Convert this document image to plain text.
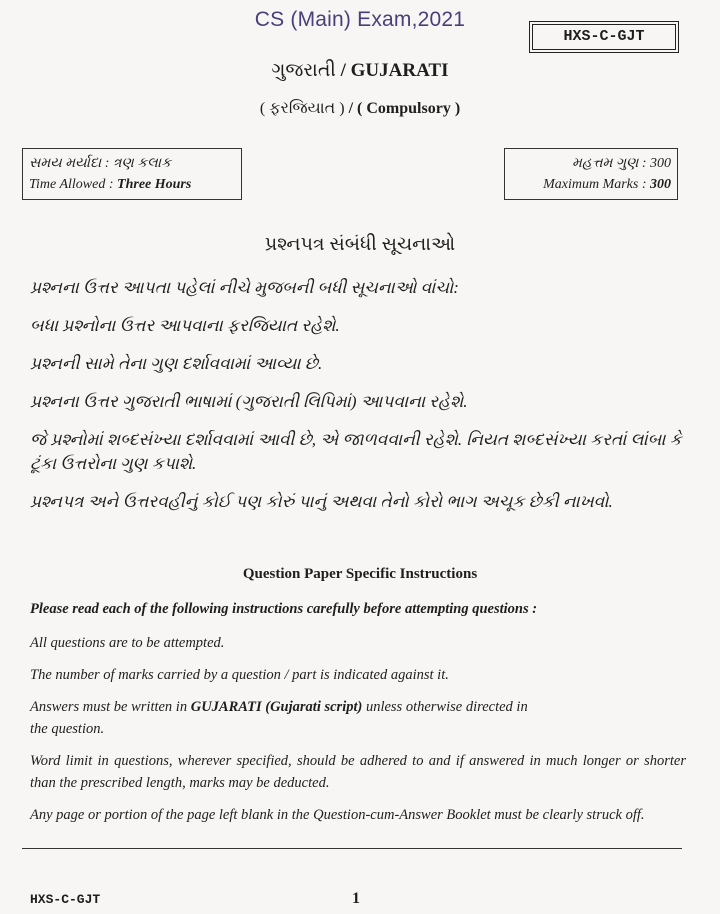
CS (Main) Exam,2021
HXS-C-GJT
ગુજરાતી / GUJARATI
( ફરજિયાત ) / ( Compulsory )
સમય મર્યાદા : ત્રણ કલાક
Time Allowed : Three Hours
મહત્તમ ગુણ : 300
Maximum Marks : 300
પ્રશ્નપત્ર સંબંધી સૂચનાઓ
પ્રશ્નના ઉત્તર આપતા પહેલાં નીચે મુજબની બધી સૂચનાઓ વાંચો:
બધા પ્રશ્નોના ઉત્તર આપવાના ફરજિયાત રહેશે.
પ્રશ્નની સામે તેના ગુણ દર્શાવવામાં આવ્યા છે.
પ્રશ્નના ઉત્તર ગુજરાતી ભાષામાં (ગુજરાતી લિપિમાં) આપવાના રહેશે.
જે પ્રશ્નોમાં શબ્દસંખ્યા દર્શાવવામાં આવી છે, એ જાળવવાની રહેશે. નિયત શબ્દસંખ્યા કરતાં લાંબા કે ટૂંકા ઉત્તરોના ગુણ કપાશે.
પ્રશ્નપત્ર અને ઉત્તરવહીનું કોઈ પણ કોરું પાનું અથવા તેનો કોરો ભાગ અચૂક છેકી નાખવો.
Question Paper Specific Instructions
Please read each of the following instructions carefully before attempting questions :
All questions are to be attempted.
The number of marks carried by a question / part is indicated against it.
Answers must be written in GUJARATI (Gujarati script) unless otherwise directed in
the question.
Word limit in questions, wherever specified, should be adhered to and if answered in much longer or shorter than the prescribed length, marks may be deducted.
Any page or portion of the page left blank in the Question-cum-Answer Booklet must be clearly struck off.
HXS-C-GJT	1
